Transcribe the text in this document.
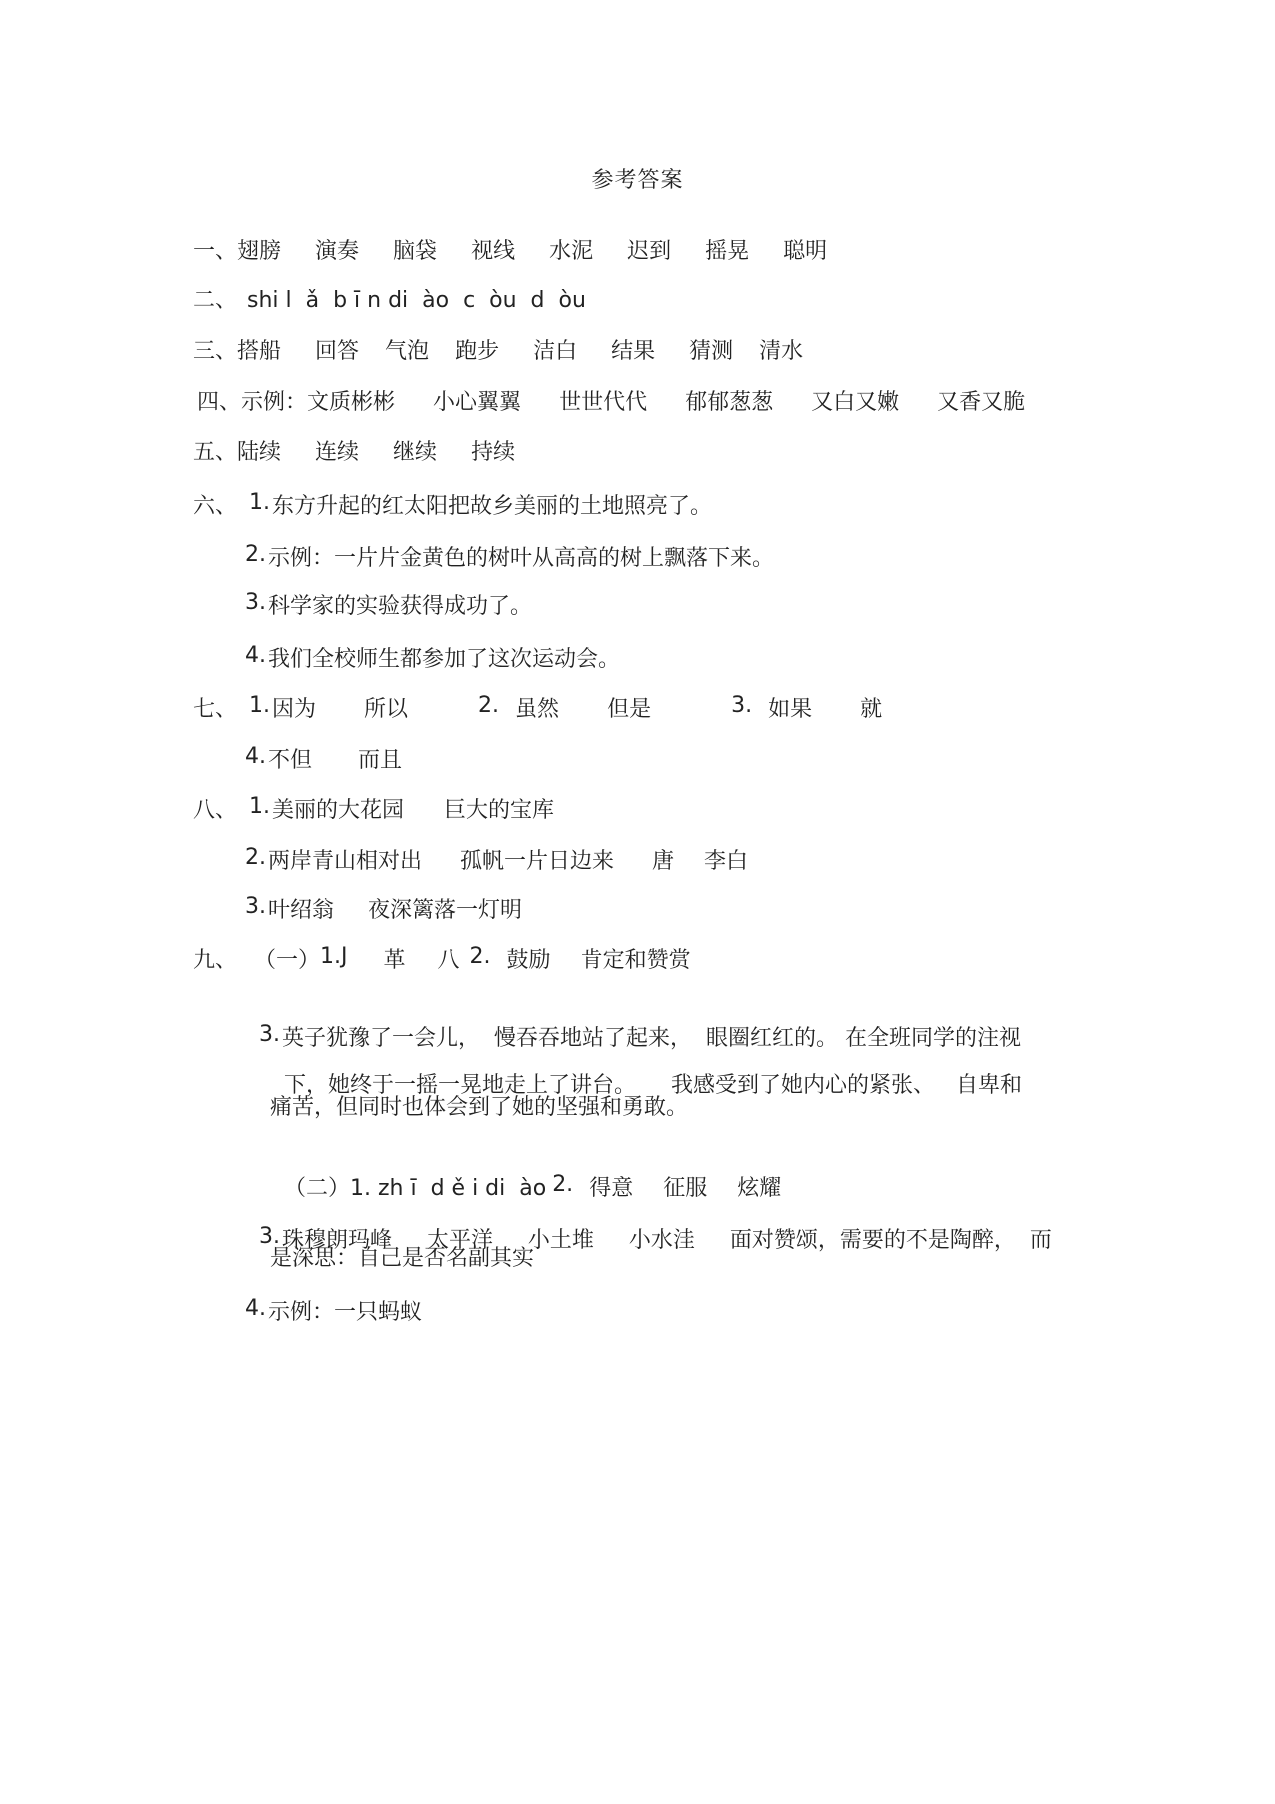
参考答案
一、翅膀 演奏 脑袋 视线 水泥 迟到 摇晃 聪明
二、 shi l  ǎ  b ī n di  ào  c  òu  d  òu
三、搭船 回答 气泡 跑步 洁白 结果 猜测 清水
四、示例：文质彬彬 小心翼翼 世世代代 郁郁葱葱 又白又嫩 又香又脆
五、陆续 连续 继续 持续
六、 1.东方升起的红太阳把故乡美丽的土地照亮了。
2.示例：一片片金黄色的树叶从高高的树上飘落下来。
3.科学家的实验获得成功了。
4.我们全校师生都参加了这次运动会。
七、 1.因为 所以	2. 虽然 但是	3. 如果 就
4.不但 而且
八、 1.美丽的大花园 巨大的宝库
2.两岸青山相对出 孤帆一片日边来 唐 李白
3.叶绍翁 夜深篱落一灯明
九、 （一）1.J 革 八 2. 鼓励 肯定和赞赏

3.英子犹豫了一会儿，  慢吞吞地站了起来，  眼圈红红的。 在全班同学的注视

下，她终于一摇一晃地走上了讲台。     我感受到了她内心的紧张、   自卑和

痛苦，但同时也体会到了她的坚强和勇敢。

（二）1. zh ī  d ě i di  ào 2. 得意 征服 炫耀

3.珠穆朗玛峰     太平洋     小土堆     小水洼     面对赞颂，需要的不是陶醉，  而

是深思：自己是否名副其实
4.示例：一只蚂蚁
